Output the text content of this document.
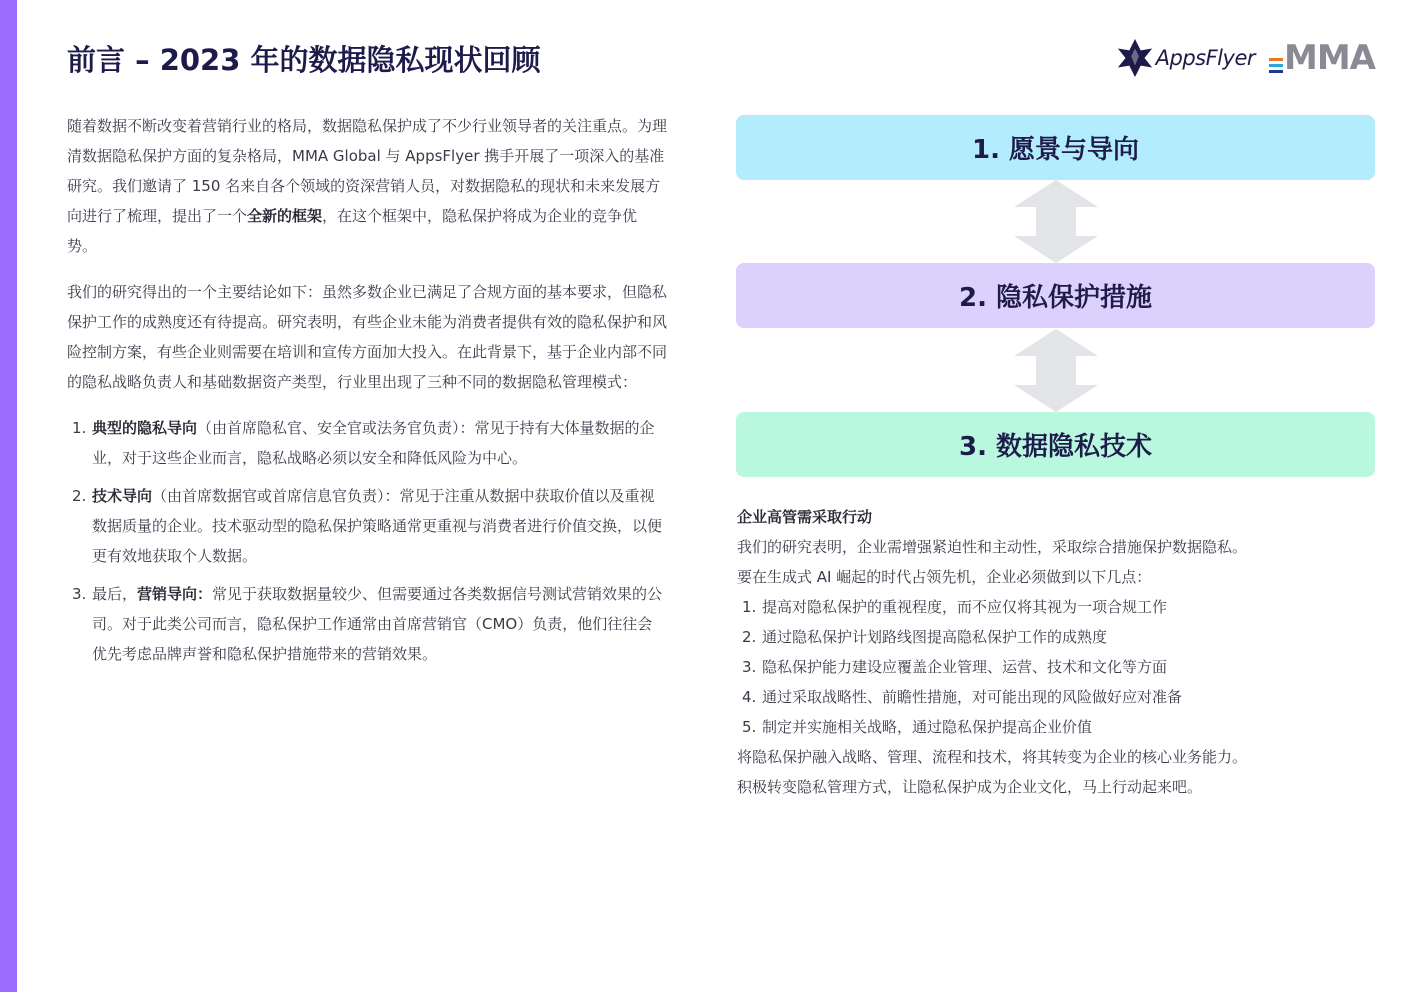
前言 – 2023 年的数据隐私现状回顾	AppsFlyer MMA

随着数据不断改变着营销行业的格局，数据隐私保护成了不少行业领导者的关注重点。为理清数据隐私保护方面的复杂格局，MMA Global 与 AppsFlyer 携手开展了一项深入的基准研究。我们邀请了 150 名来自各个领域的资深营销人员，对数据隐私的现状和未来发展方向进行了梳理，提出了一个全新的框架，在这个框架中，隐私保护将成为企业的竞争优势。

我们的研究得出的一个主要结论如下：虽然多数企业已满足了合规方面的基本要求，但隐私保护工作的成熟度还有待提高。研究表明，有些企业未能为消费者提供有效的隐私保护和风险控制方案，有些企业则需要在培训和宣传方面加大投入。在此背景下，基于企业内部不同的隐私战略负责人和基础数据资产类型，行业里出现了三种不同的数据隐私管理模式：

1. 典型的隐私导向（由首席隐私官、安全官或法务官负责）：常见于持有大体量数据的企业，对于这些企业而言，隐私战略必须以安全和降低风险为中心。
2. 技术导向（由首席数据官或首席信息官负责）：常见于注重从数据中获取价值以及重视数据质量的企业。技术驱动型的隐私保护策略通常更重视与消费者进行价值交换，以便更有效地获取个人数据。
3. 最后，营销导向：常见于获取数据量较少、但需要通过各类数据信号测试营销效果的公司。对于此类公司而言，隐私保护工作通常由首席营销官（CMO）负责，他们往往会优先考虑品牌声誉和隐私保护措施带来的营销效果。
1. 愿景与导向
2. 隐私保护措施
3. 数据隐私技术

企业高管需采取行动

我们的研究表明，企业需增强紧迫性和主动性，采取综合措施保护数据隐私。

要在生成式 AI 崛起的时代占领先机，企业必须做到以下几点：

1. 提高对隐私保护的重视程度，而不应仅将其视为一项合规工作
2. 通过隐私保护计划路线图提高隐私保护工作的成熟度
3. 隐私保护能力建设应覆盖企业管理、运营、技术和文化等方面
4. 通过采取战略性、前瞻性措施，对可能出现的风险做好应对准备
5. 制定并实施相关战略，通过隐私保护提高企业价值

将隐私保护融入战略、管理、流程和技术，将其转变为企业的核心业务能力。

积极转变隐私管理方式，让隐私保护成为企业文化，马上行动起来吧。
